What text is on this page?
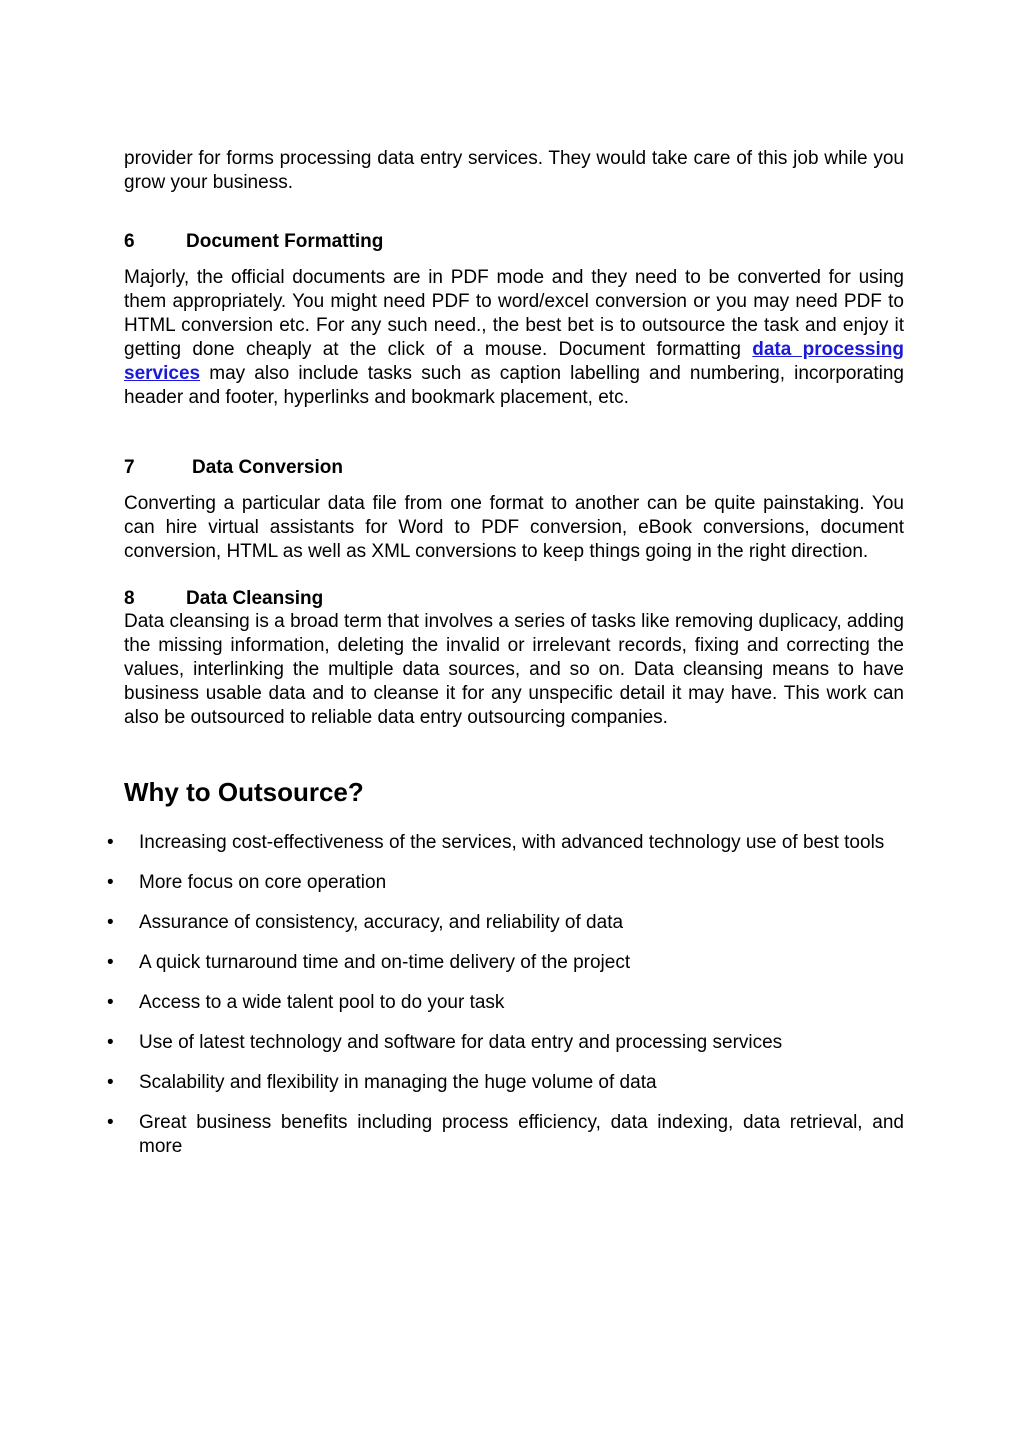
provider for forms processing data entry services. They would take care of this job while you grow your business.

6	Document Formatting

Majorly, the official documents are in PDF mode and they need to be converted for using them appropriately. You might need PDF to word/excel conversion or you may need PDF to HTML conversion etc. For any such need., the best bet is to outsource the task and enjoy it getting done cheaply at the click of a mouse. Document formatting data processing services may also include tasks such as caption labelling and numbering, incorporating header and footer, hyperlinks and bookmark placement, etc.

7	Data Conversion

Converting a particular data file from one format to another can be quite painstaking. You can hire virtual assistants for Word to PDF conversion, eBook conversions, document conversion, HTML as well as XML conversions to keep things going in the right direction.

8	Data Cleansing

Data cleansing is a broad term that involves a series of tasks like removing duplicacy, adding the missing information, deleting the invalid or irrelevant records, fixing and correcting the values, interlinking the multiple data sources, and so on. Data cleansing means to have business usable data and to cleanse it for any unspecific detail it may have. This work can also be outsourced to reliable data entry outsourcing companies.

Why to Outsource?
• Increasing cost-effectiveness of the services, with advanced technology use of best tools
• More focus on core operation
• Assurance of consistency, accuracy, and reliability of data
• A quick turnaround time and on-time delivery of the project
• Access to a wide talent pool to do your task
• Use of latest technology and software for data entry and processing services
• Scalability and flexibility in managing the huge volume of data
• Great business benefits including process efficiency, data indexing, data retrieval, and more
